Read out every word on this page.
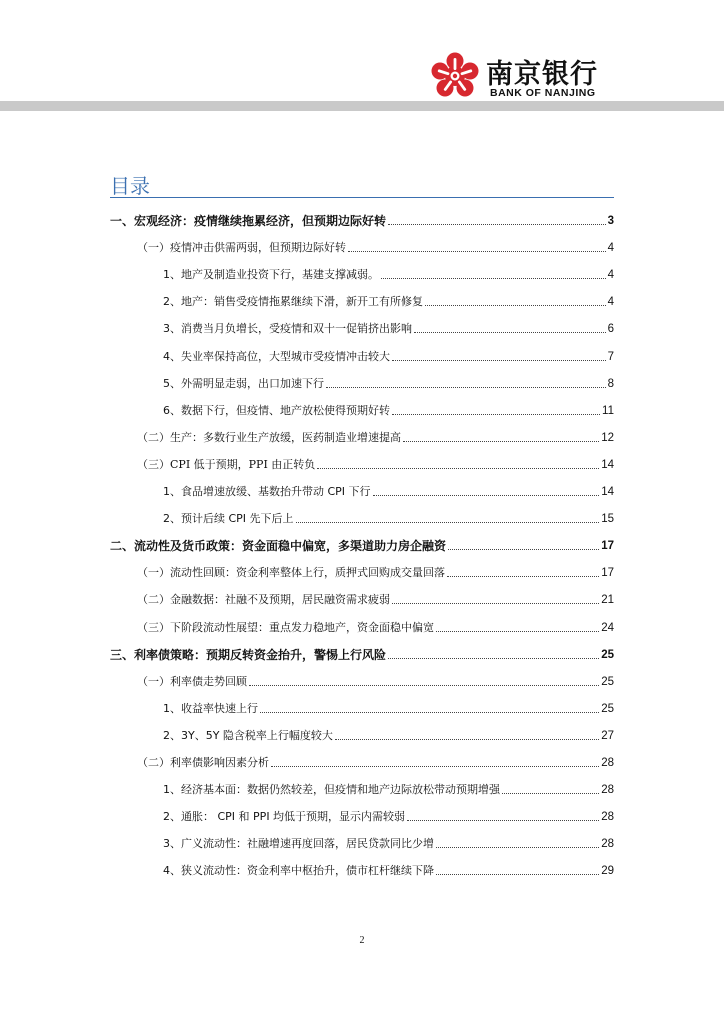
南京银行
BANK OF NANJING
目录
一、宏观经济：疫情继续拖累经济，但预期边际好转	3
（一）疫情冲击供需两弱，但预期边际好转	4
1、地产及制造业投资下行，基建支撑减弱。	4
2、地产：销售受疫情拖累继续下滑，新开工有所修复	4
3、消费当月负增长，受疫情和双十一促销挤出影响	6
4、失业率保持高位，大型城市受疫情冲击较大	7
5、外需明显走弱，出口加速下行	8
6、数据下行，但疫情、地产放松使得预期好转	11
（二）生产：多数行业生产放缓，医药制造业增速提高	12
（三）CPI 低于预期，PPI 由正转负	14
1、食品增速放缓、基数抬升带动 CPI 下行	14
2、预计后续 CPI 先下后上	15
二、流动性及货币政策：资金面稳中偏宽，多渠道助力房企融资	17
（一）流动性回顾：资金利率整体上行，质押式回购成交量回落	17
（二）金融数据：社融不及预期，居民融资需求疲弱	21
（三）下阶段流动性展望：重点发力稳地产，资金面稳中偏宽	24
三、利率债策略：预期反转资金抬升，警惕上行风险	25
（一）利率债走势回顾	25
1、收益率快速上行	25
2、3Y、5Y 隐含税率上行幅度较大	27
（二）利率债影响因素分析	28
1、经济基本面：数据仍然较差，但疫情和地产边际放松带动预期增强	28
2、通胀： CPI 和 PPI 均低于预期，显示内需较弱	28
3、广义流动性：社融增速再度回落，居民贷款同比少增	28
4、狭义流动性：资金利率中枢抬升，债市杠杆继续下降	29
2
